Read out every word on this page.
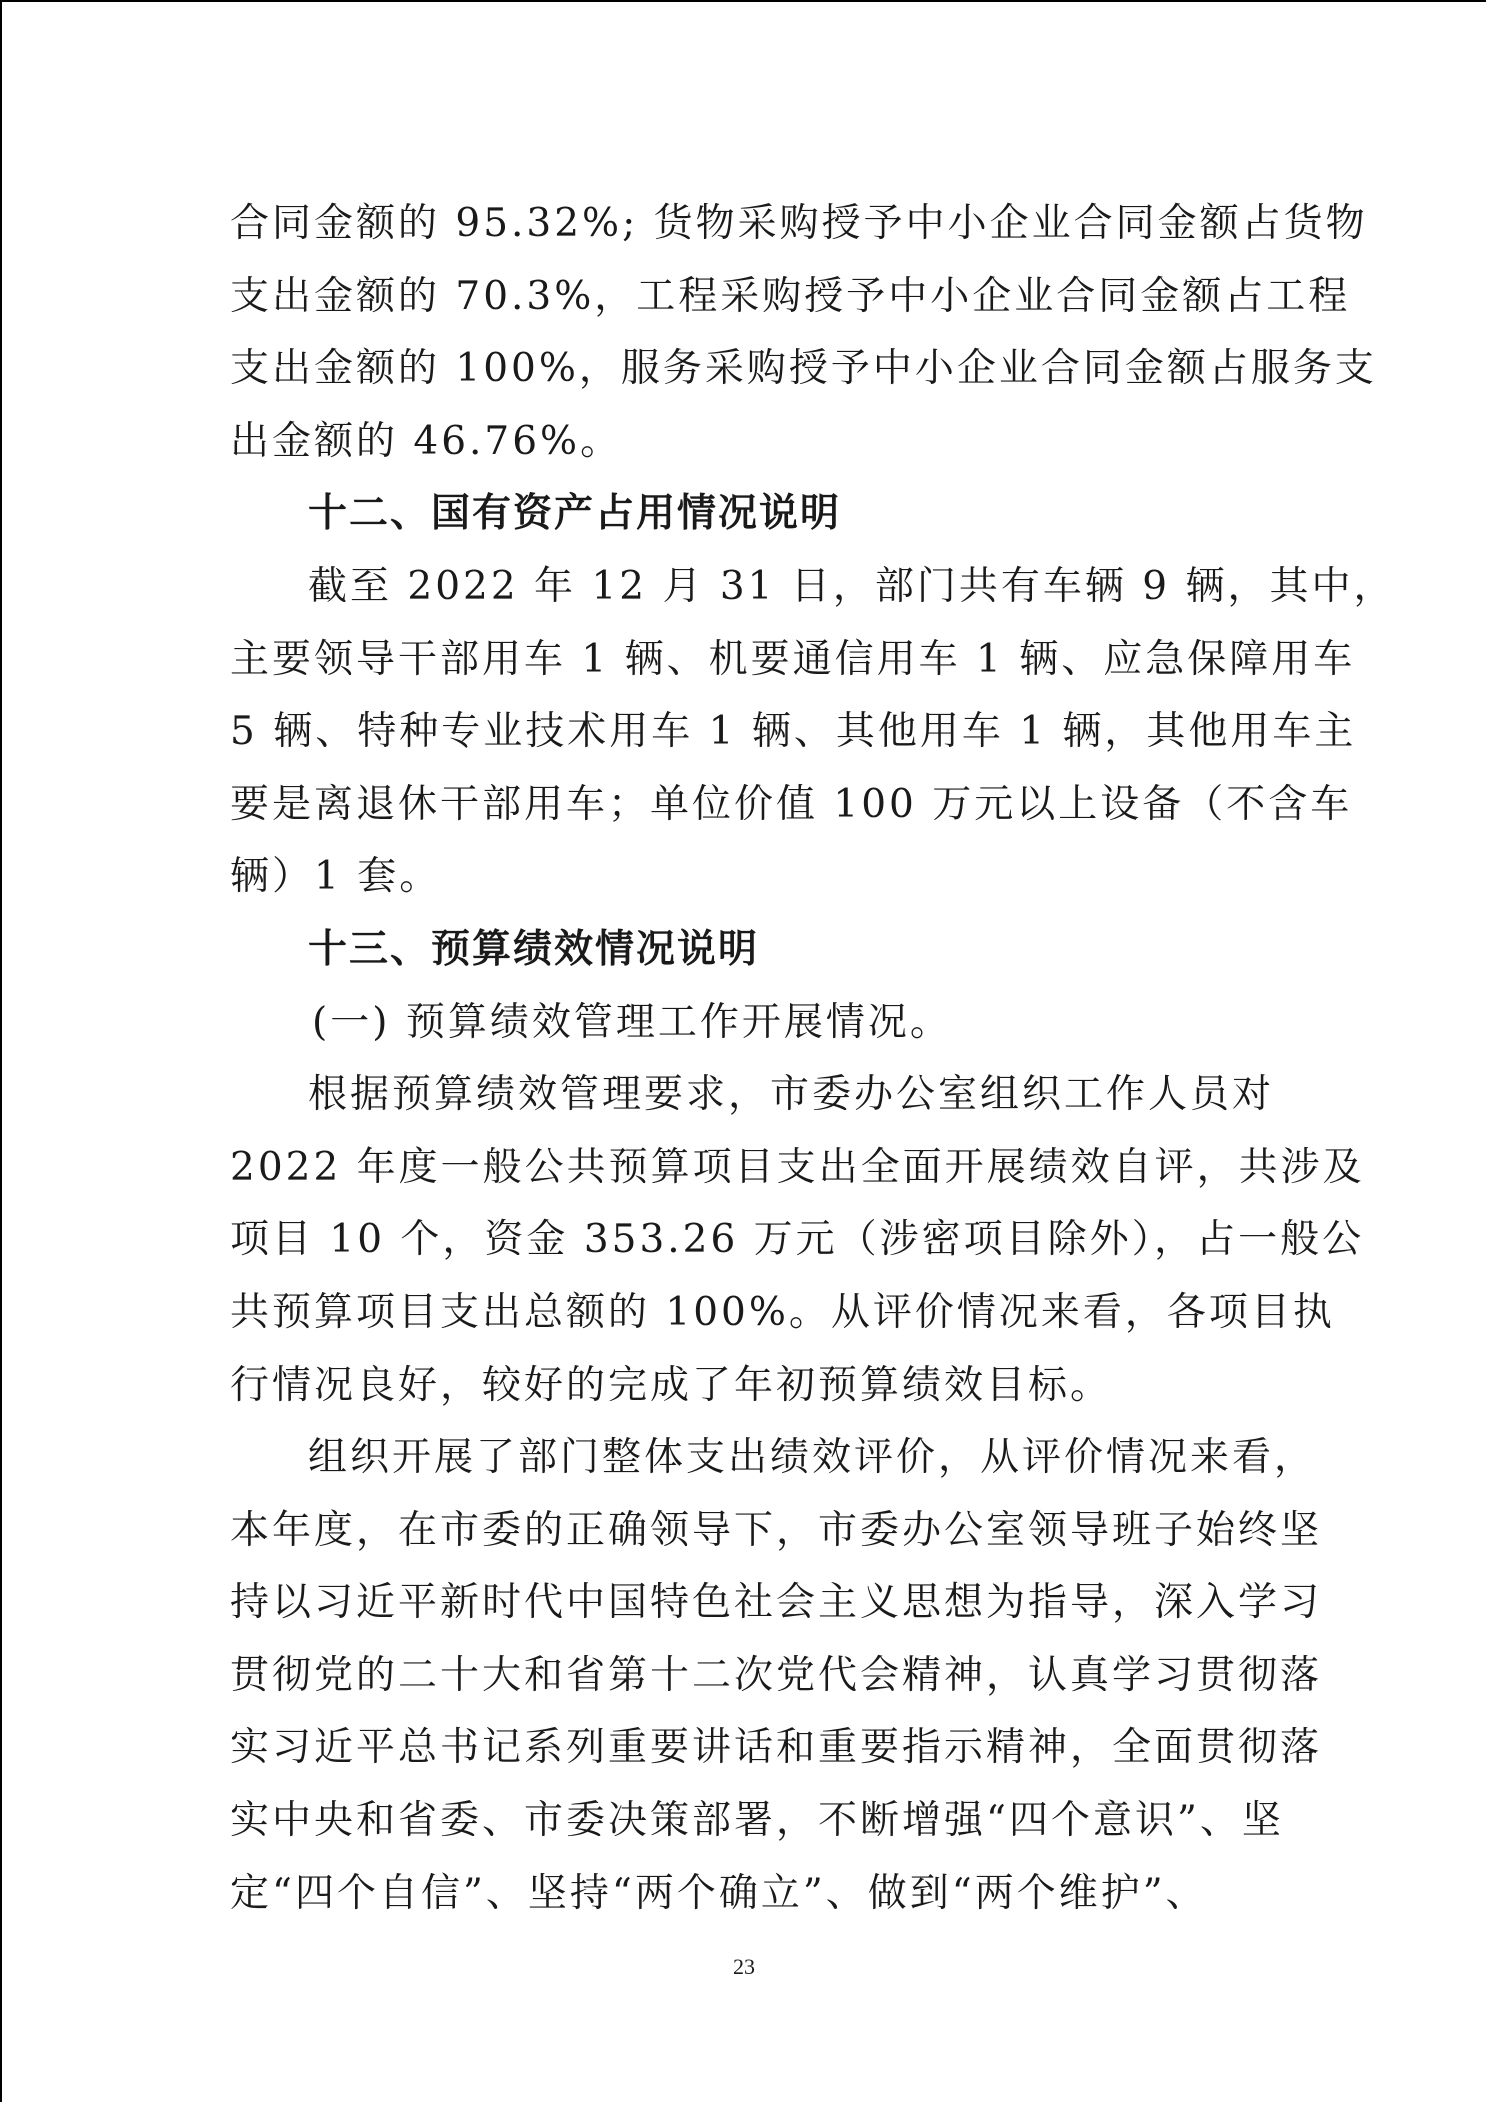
合同金额的 95.32%; 货物采购授予中小企业合同金额占货物
支出金额的 70.3%，工程采购授予中小企业合同金额占工程
支出金额的 100%，服务采购授予中小企业合同金额占服务支
出金额的 46.76%。
十二、国有资产占用情况说明
截至 2022 年 12 月 31 日，部门共有车辆 9 辆，其中，
主要领导干部用车 1 辆、机要通信用车 1 辆、应急保障用车
5 辆、特种专业技术用车 1 辆、其他用车 1 辆，其他用车主
要是离退休干部用车；单位价值 100 万元以上设备（不含车
辆）1 套。
十三、预算绩效情况说明
(一) 预算绩效管理工作开展情况。
根据预算绩效管理要求，市委办公室组织工作人员对
2022 年度一般公共预算项目支出全面开展绩效自评，共涉及
项目 10 个，资金 353.26 万元（涉密项目除外），占一般公
共预算项目支出总额的 100%。从评价情况来看，各项目执
行情况良好，较好的完成了年初预算绩效目标。
组织开展了部门整体支出绩效评价，从评价情况来看，
本年度，在市委的正确领导下，市委办公室领导班子始终坚
持以习近平新时代中国特色社会主义思想为指导，深入学习
贯彻党的二十大和省第十二次党代会精神，认真学习贯彻落
实习近平总书记系列重要讲话和重要指示精神，全面贯彻落
实中央和省委、市委决策部署，不断增强“四个意识”、坚
定“四个自信”、坚持“两个确立”、做到“两个维护”、
23
